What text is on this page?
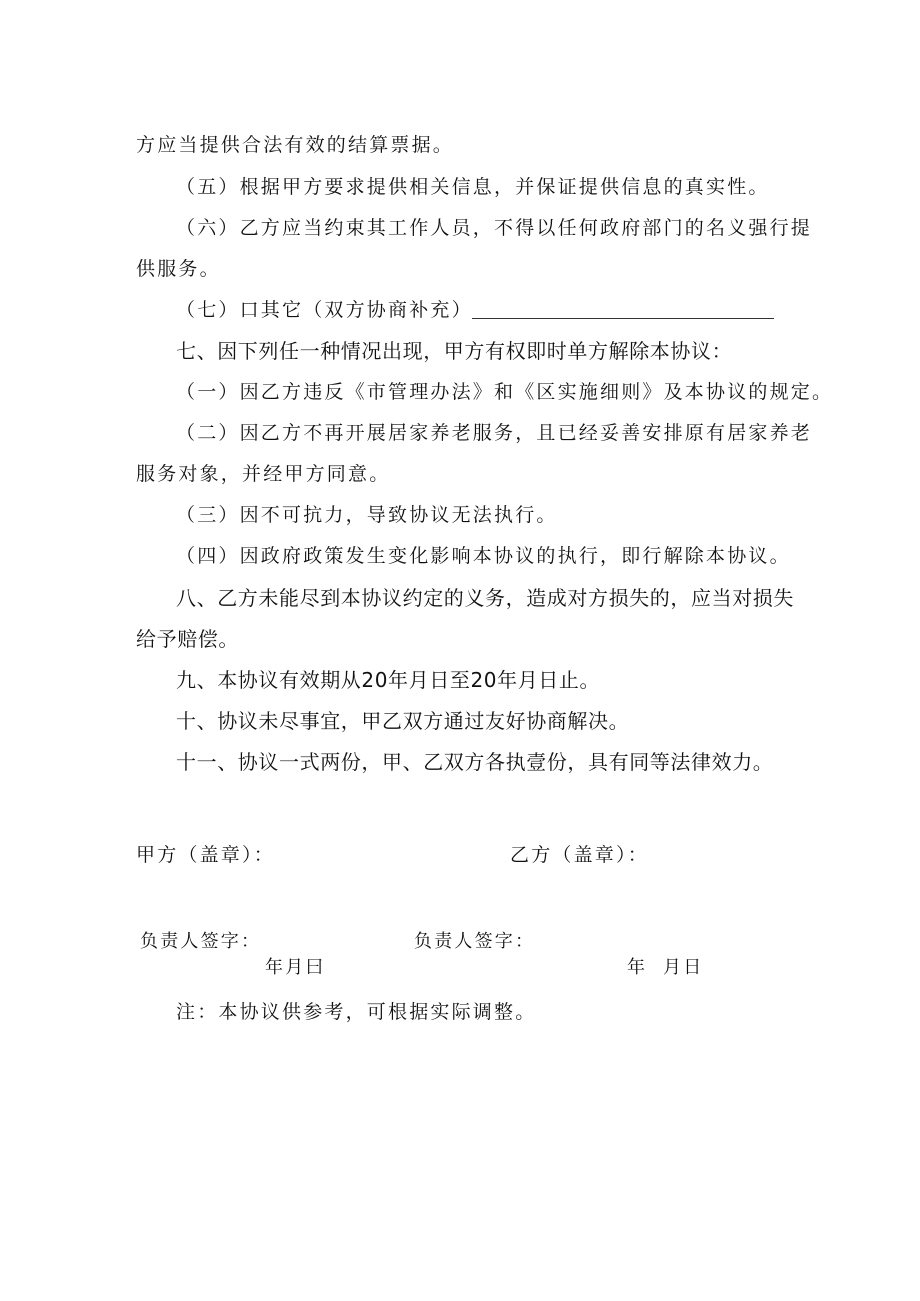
方应当提供合法有效的结算票据。
（五）根据甲方要求提供相关信息，并保证提供信息的真实性。
（六）乙方应当约束其工作人员，不得以任何政府部门的名义强行提
供服务。
（七）口其它（双方协商补充）
七、因下列任一种情况出现，甲方有权即时单方解除本协议：
（一）因乙方违反《市管理办法》和《区实施细则》及本协议的规定。
（二）因乙方不再开展居家养老服务，且已经妥善安排原有居家养老
服务对象，并经甲方同意。
（三）因不可抗力，导致协议无法执行。
（四）因政府政策发生变化影响本协议的执行，即行解除本协议。
八、乙方未能尽到本协议约定的义务，造成对方损失的，应当对损失
给予赔偿。
九、本协议有效期从20年月日至20年月日止。
十、协议未尽事宜，甲乙双方通过友好协商解决。
十一、协议一式两份，甲、乙双方各执壹份，具有同等法律效力。
甲方（盖章）：	乙方（盖章）：
负责人签字：	负责人签字：
年月曰	年  月日
注：本协议供参考，可根据实际调整。
